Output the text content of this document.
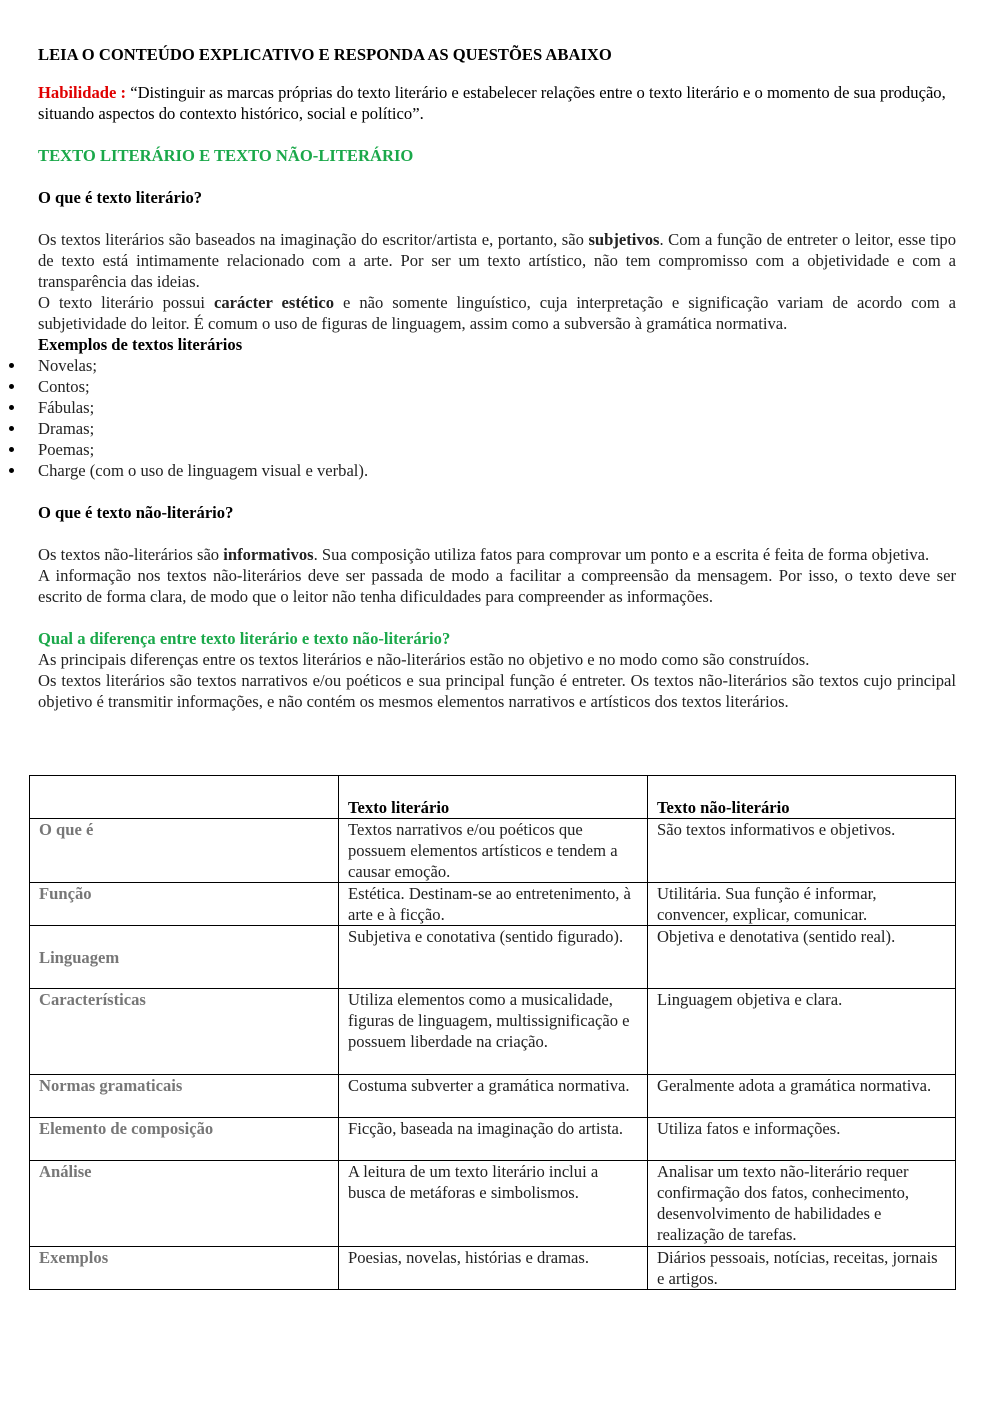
LEIA O CONTEÚDO EXPLICATIVO E RESPONDA AS QUESTÕES ABAIXO
Habilidade : “Distinguir as marcas próprias do texto literário e estabelecer relações entre o texto literário e o momento de sua produção, situando aspectos do contexto histórico, social e político”.
TEXTO LITERÁRIO E TEXTO NÃO-LITERÁRIO
O que é texto literário?

Os textos literários são baseados na imaginação do escritor/artista e, portanto, são subjetivos. Com a função de entreter o leitor, esse tipo de texto está intimamente relacionado com a arte. Por ser um texto artístico, não tem compromisso com a objetividade e com a transparência das ideias.

O texto literário possui carácter estético e não somente linguístico, cuja interpretação e significação variam de acordo com a subjetividade do leitor. É comum o uso de figuras de linguagem, assim como a subversão à gramática normativa.

Exemplos de textos literários
Novelas;
Contos;
Fábulas;
Dramas;
Poemas;
Charge (com o uso de linguagem visual e verbal).
O que é texto não-literário?

Os textos não-literários são informativos. Sua composição utiliza fatos para comprovar um ponto e a escrita é feita de forma objetiva.

A informação nos textos não-literários deve ser passada de modo a facilitar a compreensão da mensagem. Por isso, o texto deve ser escrito de forma clara, de modo que o leitor não tenha dificuldades para compreender as informações.

Qual a diferença entre texto literário e texto não-literário?

As principais diferenças entre os textos literários e não-literários estão no objetivo e no modo como são construídos.

Os textos literários são textos narrativos e/ou poéticos e sua principal função é entreter. Os textos não-literários são textos cujo principal objetivo é transmitir informações, e não contém os mesmos elementos narrativos e artísticos dos textos literários.

	Texto literário	Texto não-literário
O que é	Textos narrativos e/ou poéticos que possuem elementos artísticos e tendem a causar emoção.	São textos informativos e objetivos.
Função	Estética. Destinam-se ao entretenimento, à arte e à ficção.	Utilitária. Sua função é informar, convencer, explicar, comunicar.
Linguagem	Subjetiva e conotativa (sentido figurado).	Objetiva e denotativa (sentido real).
Características	Utiliza elementos como a musicalidade, figuras de linguagem, multissignificação e possuem liberdade na criação.	Linguagem objetiva e clara.
Normas gramaticais	Costuma subverter a gramática normativa.	Geralmente adota a gramática normativa.
Elemento de composição	Ficção, baseada na imaginação do artista.	Utiliza fatos e informações.
Análise	A leitura de um texto literário inclui a busca de metáforas e simbolismos.	Analisar um texto não-literário requer confirmação dos fatos, conhecimento, desenvolvimento de habilidades e realização de tarefas.
Exemplos	Poesias, novelas, histórias e dramas.	Diários pessoais, notícias, receitas, jornais e artigos.
